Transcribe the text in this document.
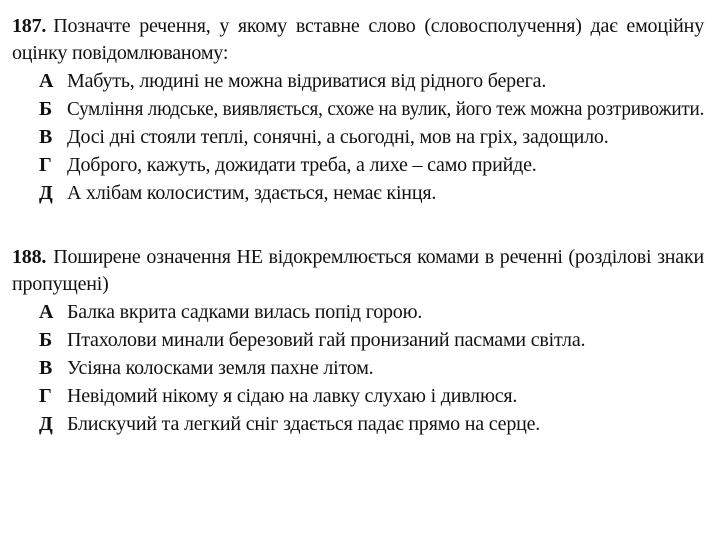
187. Позначте речення, у якому вставне слово (словосполучення) дає емоційну оцінку повідомлюваному:
А Мабуть, людині не можна відриватися від рідного берега.
Б Сумління людське, виявляється, схоже на вулик, його теж можна розтривожити.
В Досі дні стояли теплі, сонячні, а сьогодні, мов на гріх, задощило.
Г Доброго, кажуть, дожидати треба, а лихе – само прийде.
Д А хлібам колосистим, здається, немає кінця.
188. Поширене означення НЕ відокремлюється комами в реченні (розділові знаки пропущені)
А Балка вкрита садками вилась попід горою.
Б Птахолови минали березовий гай пронизаний пасмами світла.
В Усіяна колосками земля пахне літом.
Г Невідомий нікому я сідаю на лавку слухаю і дивлюся.
Д Блискучий та легкий сніг здається падає прямо на серце.
